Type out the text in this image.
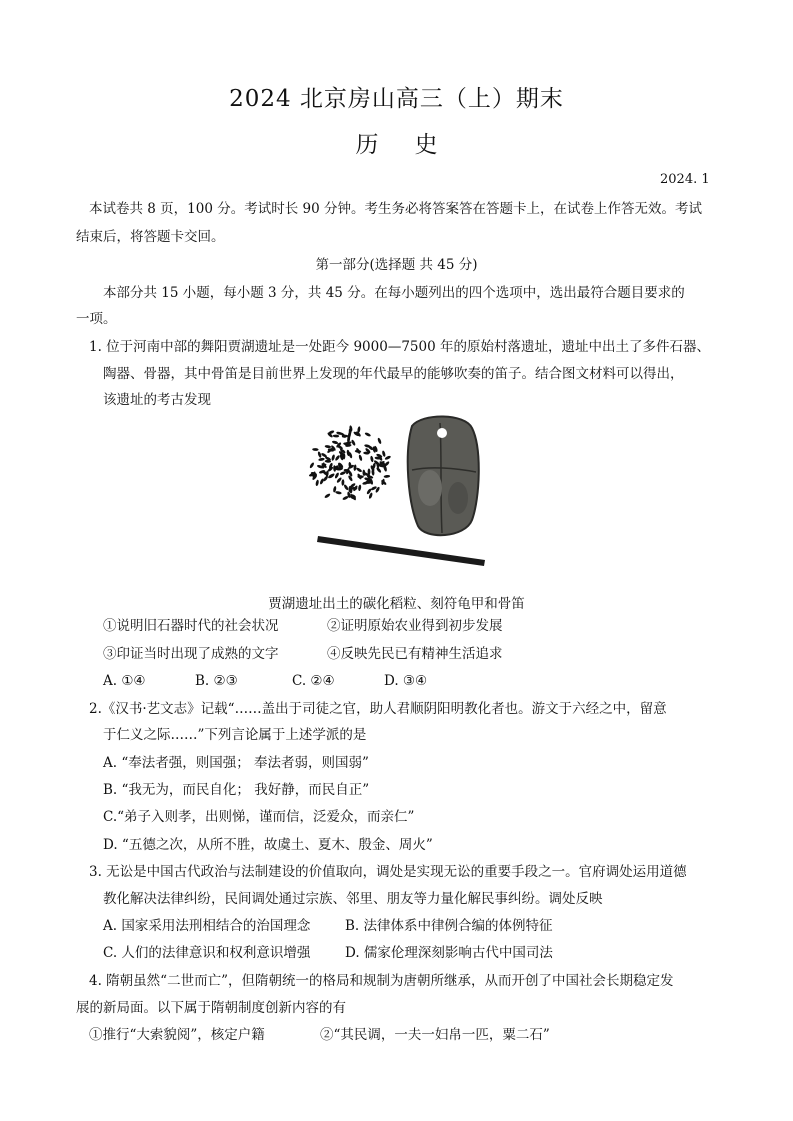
2024 北京房山高三（上）期末
历 史
2024. 1
本试卷共 8 页，100 分。考试时长 90 分钟。考生务必将答案答在答题卡上，在试卷上作答无效。考试
结束后，将答题卡交回。
第一部分(选择题 共 45 分)
本部分共 15 小题，每小题 3 分，共 45 分。在每小题列出的四个选项中，选出最符合题目要求的
一项。
1. 位于河南中部的舞阳贾湖遗址是一处距今 9000—7500 年的原始村落遗址，遗址中出土了多件石器、
陶器、骨器，其中骨笛是目前世界上发现的年代最早的能够吹奏的笛子。结合图文材料可以得出，
该遗址的考古发现
贾湖遗址出土的碳化稻粒、刻符龟甲和骨笛
①说明旧石器时代的社会状况	②证明原始农业得到初步发展
③印证当时出现了成熟的文字	④反映先民已有精神生活追求
A. ①④	B. ②③	C. ②④	D. ③④
2.《汉书·艺文志》记载“……盖出于司徒之官，助人君顺阴阳明教化者也。游文于六经之中，留意
于仁义之际……”下列言论属于上述学派的是
A. “奉法者强，则国强； 奉法者弱，则国弱”
B. “我无为，而民自化； 我好静，而民自正”
C.“弟子入则孝，出则悌，谨而信，泛爱众，而亲仁”
D. “五德之次，从所不胜，故虞土、夏木、殷金、周火”
3. 无讼是中国古代政治与法制建设的价值取向，调处是实现无讼的重要手段之一。官府调处运用道德
教化解决法律纠纷，民间调处通过宗族、邻里、朋友等力量化解民事纠纷。调处反映
A. 国家采用法刑相结合的治国理念	B. 法律体系中律例合编的体例特征
C. 人们的法律意识和权利意识增强	D. 儒家伦理深刻影响古代中国司法
4. 隋朝虽然“二世而亡”，但隋朝统一的格局和规制为唐朝所继承，从而开创了中国社会长期稳定发
展的新局面。以下属于隋朝制度创新内容的有
①推行“大索貌阅”，核定户籍	②“其民调，一夫一妇帛一匹，粟二石”
